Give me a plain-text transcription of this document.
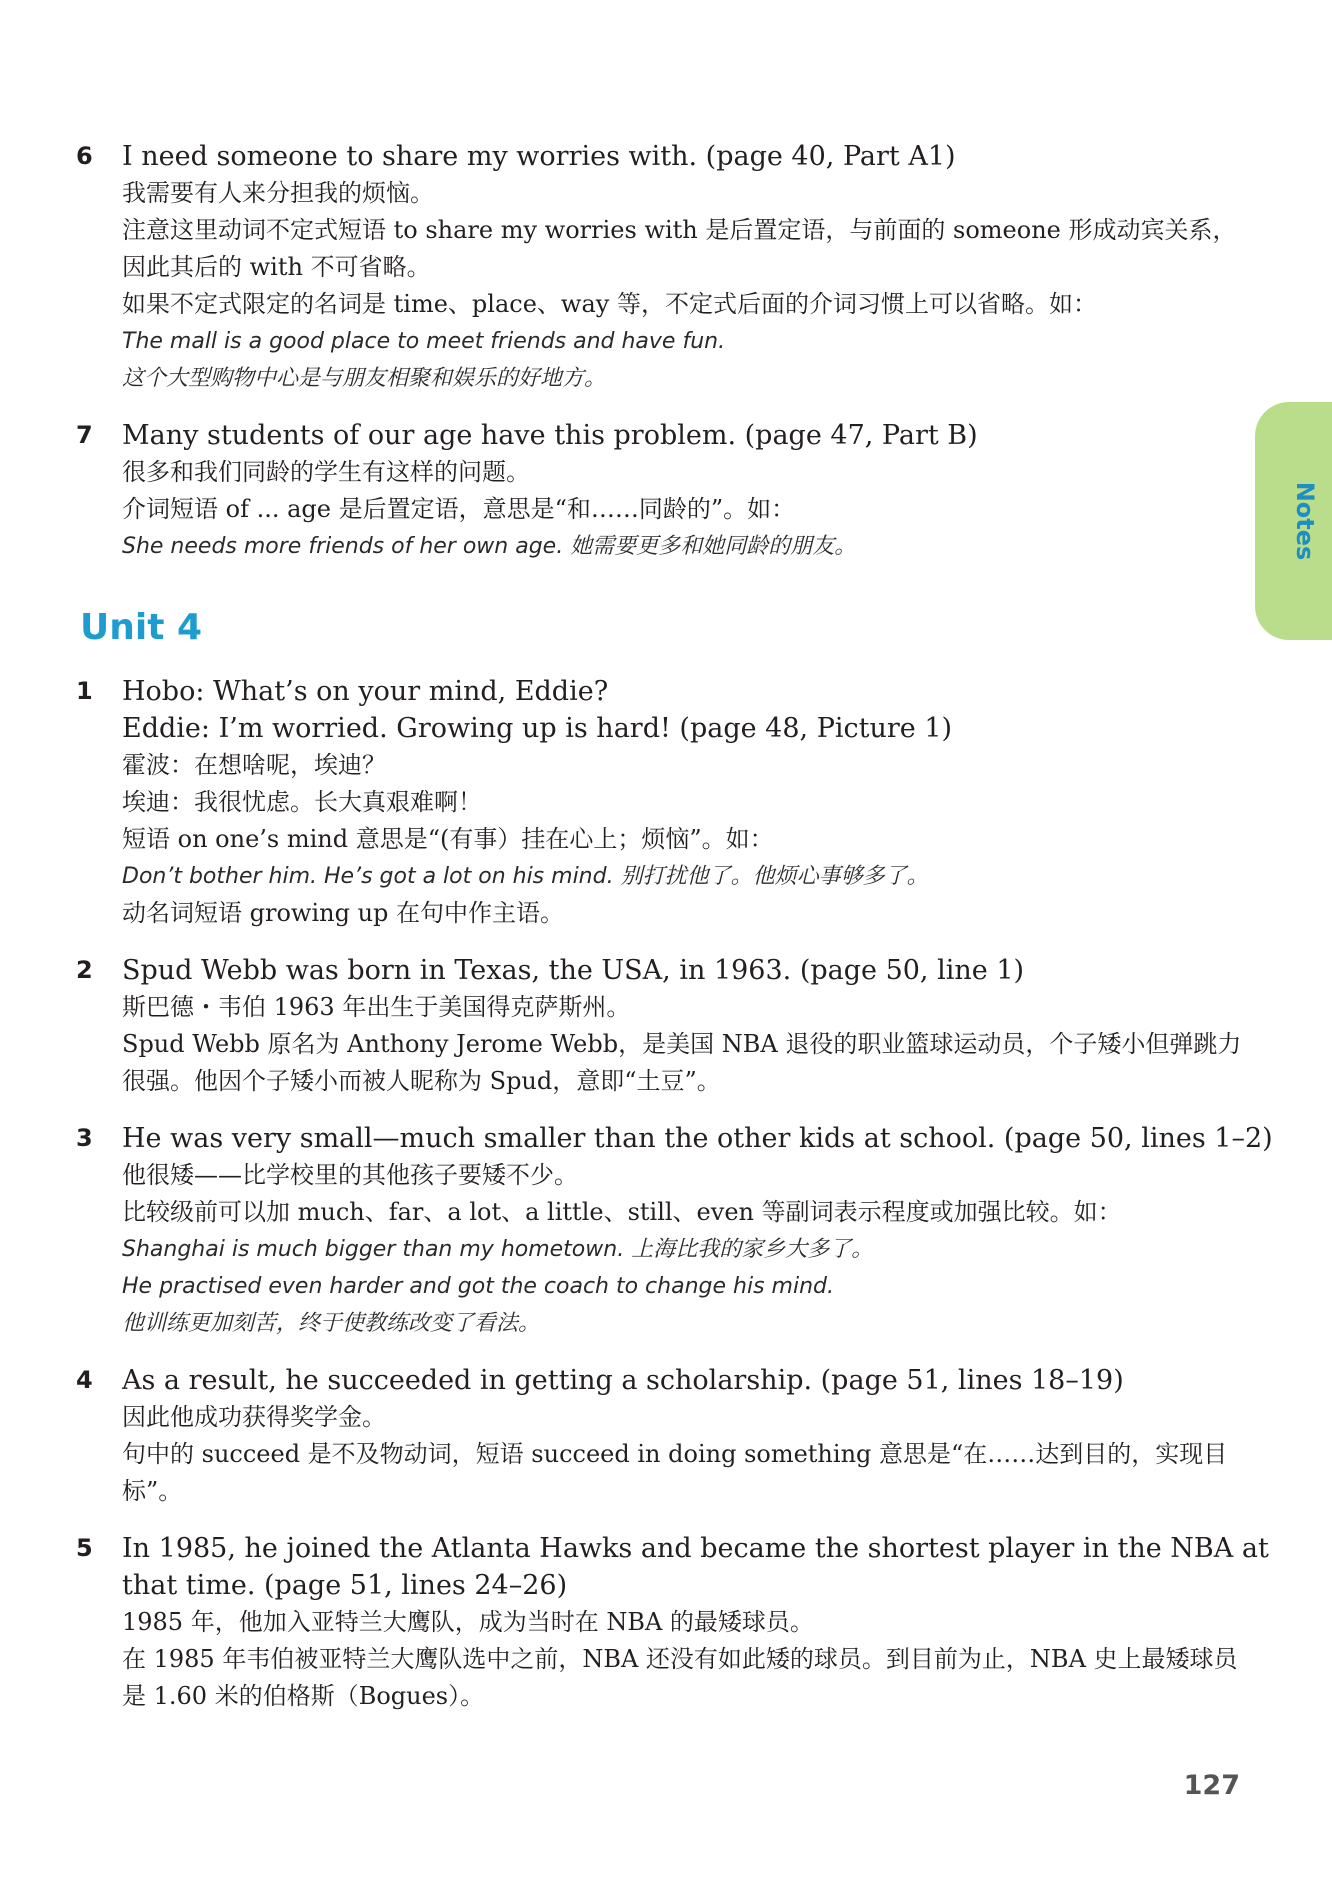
6 I need someone to share my worries with. (page 40, Part A1)
我需要有人来分担我的烦恼。
注意这里动词不定式短语 to share my worries with 是后置定语，与前面的 someone 形成动宾关系，因此其后的 with 不可省略。
如果不定式限定的名词是 time、place、way 等，不定式后面的介词习惯上可以省略。如：
The mall is a good place to meet friends and have fun.
这个大型购物中心是与朋友相聚和娱乐的好地方。
7 Many students of our age have this problem. (page 47, Part B)
很多和我们同龄的学生有这样的问题。
介词短语 of ... age 是后置定语，意思是“和……同龄的”。如：
She needs more friends of her own age. 她需要更多和她同龄的朋友。
Unit 4
1 Hobo: What’s on your mind, Eddie?
Eddie: I’m worried. Growing up is hard! (page 48, Picture 1)
霍波：在想啥呢，埃迪？
埃迪：我很忧虑。长大真艰难啊！
短语 on one’s mind 意思是“(有事）挂在心上；烦恼”。如：
Don’t bother him. He’s got a lot on his mind. 别打扰他了。他烦心事够多了。
动名词短语 growing up 在句中作主语。
2 Spud Webb was born in Texas, the USA, in 1963. (page 50, line 1)
斯巴德・韦伯 1963 年出生于美国得克萨斯州。
Spud Webb 原名为 Anthony Jerome Webb，是美国 NBA 退役的职业篮球运动员，个子矮小但弹跳力很强。他因个子矮小而被人昵称为 Spud，意即“土豆”。
3 He was very small—much smaller than the other kids at school. (page 50, lines 1–2)
他很矮——比学校里的其他孩子要矮不少。
比较级前可以加 much、far、a lot、a little、still、even 等副词表示程度或加强比较。如：
Shanghai is much bigger than my hometown. 上海比我的家乡大多了。
He practised even harder and got the coach to change his mind.
他训练更加刻苦，终于使教练改变了看法。
4 As a result, he succeeded in getting a scholarship. (page 51, lines 18–19)
因此他成功获得奖学金。
句中的 succeed 是不及物动词，短语 succeed in doing something 意思是“在……达到目的，实现目标”。
5 In 1985, he joined the Atlanta Hawks and became the shortest player in the NBA at
that time. (page 51, lines 24–26)
1985 年，他加入亚特兰大鹰队，成为当时在 NBA 的最矮球员。
在 1985 年韦伯被亚特兰大鹰队选中之前，NBA 还没有如此矮的球员。到目前为止，NBA 史上最矮球员是 1.60 米的伯格斯（Bogues）。
Notes
127
